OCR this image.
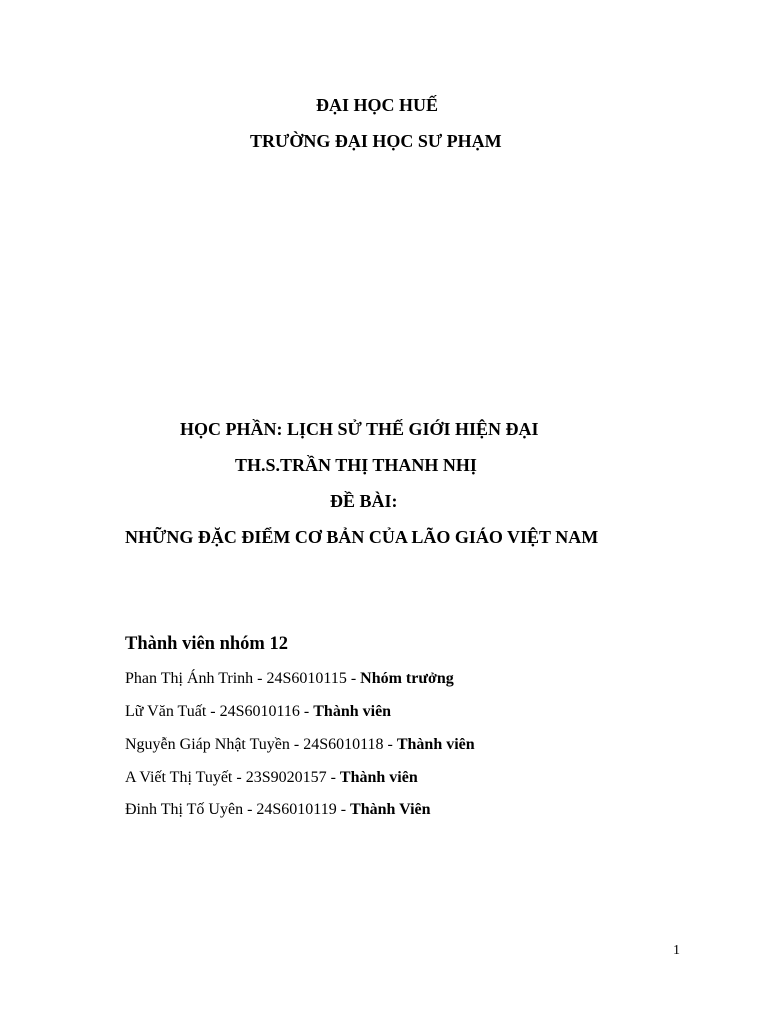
ĐẠI HỌC HUẾ
TRƯỜNG ĐẠI HỌC SƯ PHẠM
HỌC PHẦN: LỊCH SỬ THẾ GIỚI HIỆN ĐẠI
TH.S.TRẦN THỊ THANH NHỊ
ĐỀ BÀI:
NHỮNG ĐẶC ĐIỂM CƠ BẢN CỦA LÃO GIÁO VIỆT NAM
Thành viên nhóm 12
Phan Thị Ánh Trinh - 24S6010115 - Nhóm trưởng
Lữ Văn Tuất - 24S6010116 - Thành viên
Nguyễn Giáp Nhật Tuyền - 24S6010118 - Thành viên
A Viết Thị Tuyết - 23S9020157 - Thành viên
Đinh Thị Tố Uyên - 24S6010119 - Thành Viên
1
